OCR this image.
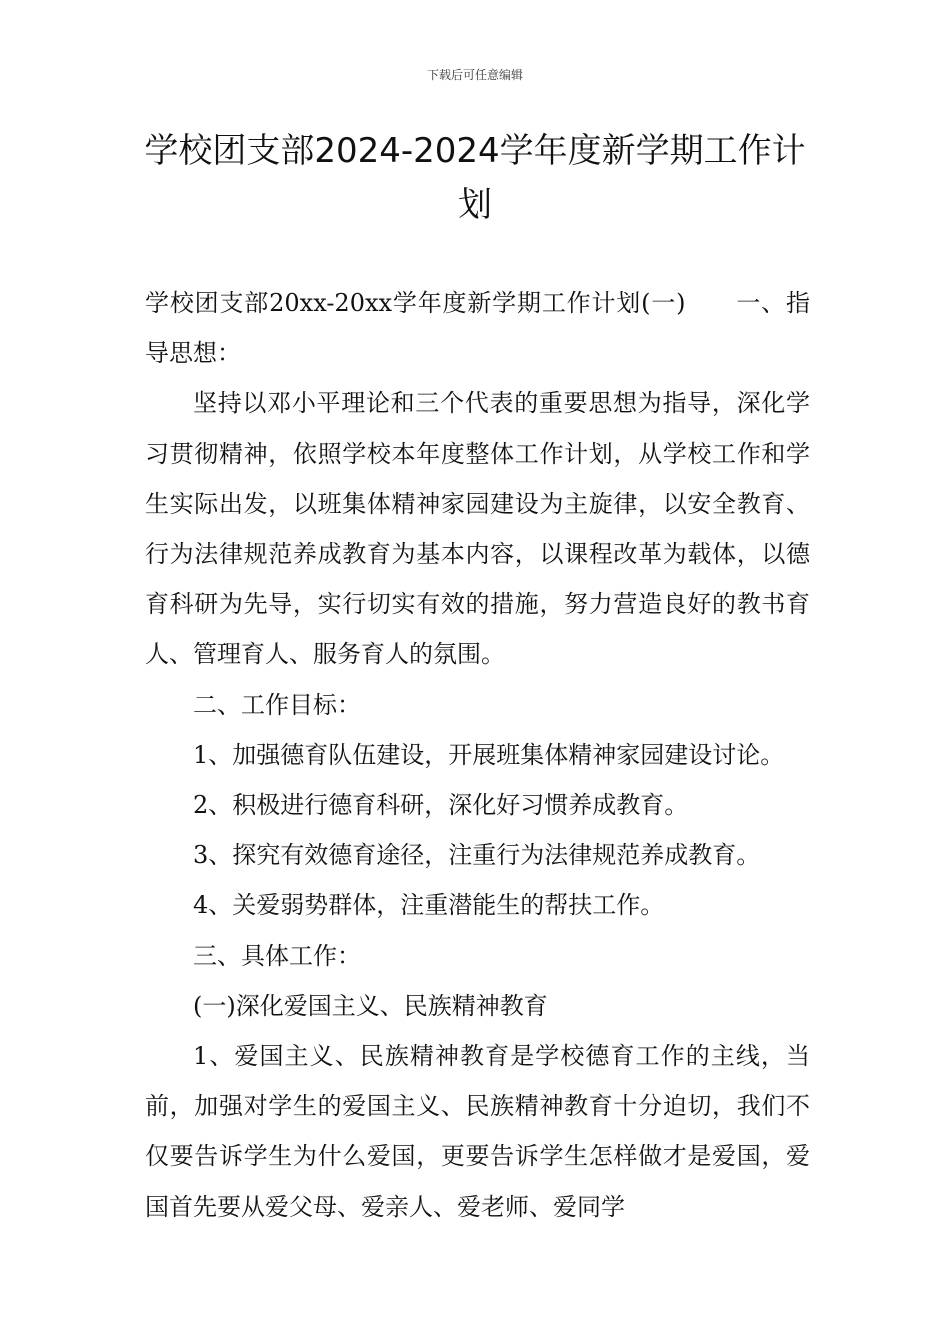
下载后可任意编辑
学校团支部2024-2024学年度新学期工作计划

学校团支部20xx-20xx学年度新学期工作计划(一) 一、指导思想：

坚持以邓小平理论和三个代表的重要思想为指导，深化学习贯彻精神，依照学校本年度整体工作计划，从学校工作和学生实际出发，以班集体精神家园建设为主旋律，以安全教育、行为法律规范养成教育为基本内容，以课程改革为载体，以德育科研为先导，实行切实有效的措施，努力营造良好的教书育人、管理育人、服务育人的氛围。

二、工作目标：

1、加强德育队伍建设，开展班集体精神家园建设讨论。

2、积极进行德育科研，深化好习惯养成教育。

3、探究有效德育途径，注重行为法律规范养成教育。

4、关爱弱势群体，注重潜能生的帮扶工作。

三、具体工作：

(一)深化爱国主义、民族精神教育

1、爱国主义、民族精神教育是学校德育工作的主线，当前，加强对学生的爱国主义、民族精神教育十分迫切，我们不仅要告诉学生为什么爱国，更要告诉学生怎样做才是爱国，爱国首先要从爱父母、爱亲人、爱老师、爱同学
